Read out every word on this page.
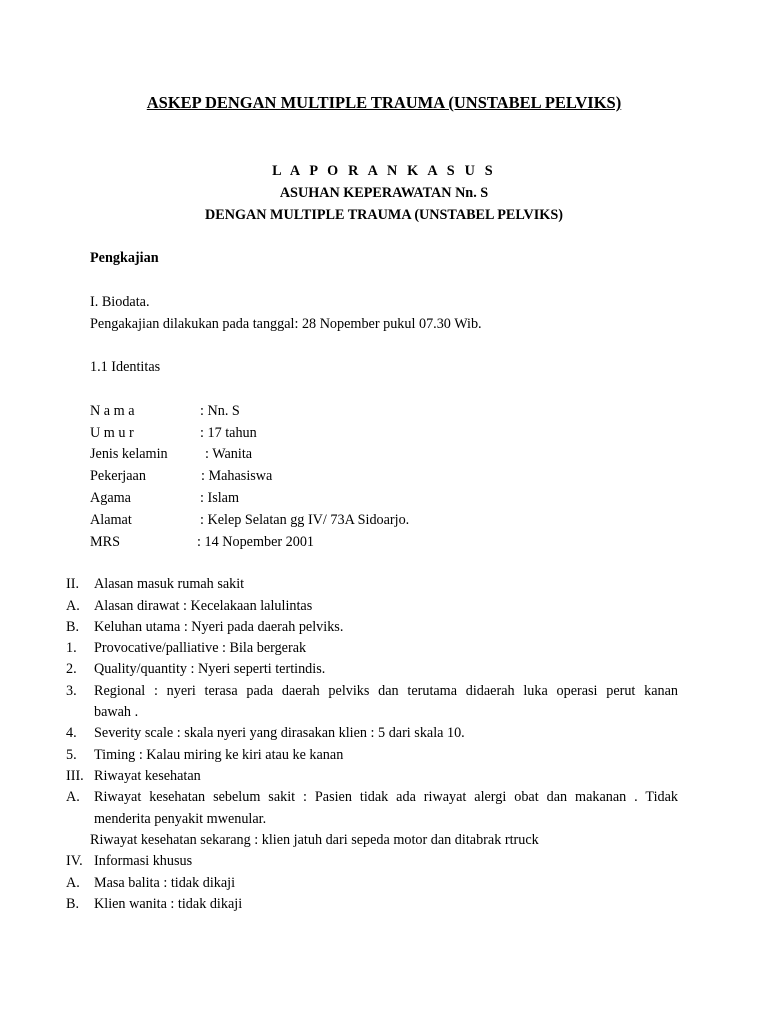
ASKEP DENGAN MULTIPLE TRAUMA (UNSTABEL PELVIKS)
L A P O R A N K A S U S
ASUHAN KEPERAWATAN Nn. S
DENGAN MULTIPLE TRAUMA (UNSTABEL PELVIKS)
Pengkajian
I. Biodata.
Pengakajian dilakukan pada tanggal: 28 Nopember pukul 07.30 Wib.
1.1 Identitas
N a m a	: Nn. S
U m u r	: 17 tahun
Jenis kelamin	: Wanita
Pekerjaan	: Mahasiswa
Agama	: Islam
Alamat	: Kelep Selatan gg IV/ 73A Sidoarjo.
MRS	: 14 Nopember 2001
II. Alasan masuk rumah sakit
A. Alasan dirawat : Kecelakaan lalulintas
B. Keluhan utama : Nyeri pada daerah pelviks.
1. Provocative/palliative : Bila bergerak
2. Quality/quantity : Nyeri seperti tertindis.
3. Regional : nyeri terasa pada daerah pelviks dan terutama didaerah luka operasi perut kanan
bawah .
4. Severity scale : skala nyeri yang dirasakan klien : 5 dari skala 10.
5. Timing : Kalau miring ke kiri atau ke kanan
III. Riwayat kesehatan
A. Riwayat kesehatan sebelum sakit : Pasien tidak ada riwayat alergi obat dan makanan . Tidak
menderita penyakit mwenular.
Riwayat kesehatan sekarang : klien jatuh dari sepeda motor dan ditabrak rtruck
IV. Informasi khusus
A. Masa balita : tidak dikaji
B. Klien wanita : tidak dikaji
